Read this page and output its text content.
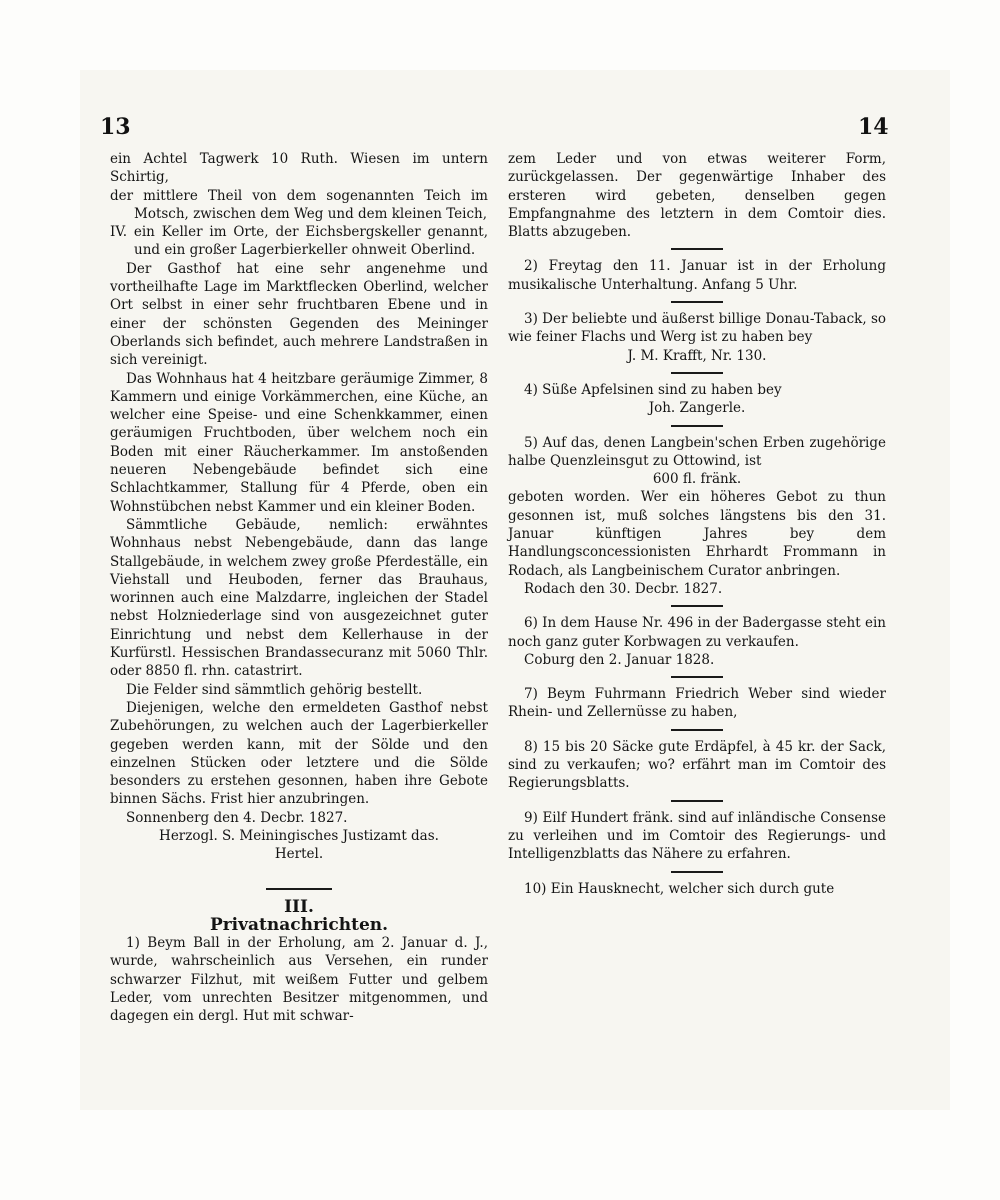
13	14

ein Achtel Tagwerk 10 Ruth. Wiesen im untern Schirtig,

der mittlere Theil von dem sogenannten Teich im Motsch, zwischen dem Weg und dem kleinen Teich,

IV. ein Keller im Orte, der Eichsbergskeller genannt, und ein großer Lagerbierkeller ohnweit Oberlind.

Der Gasthof hat eine sehr angenehme und vortheilhafte Lage im Marktflecken Oberlind, welcher Ort selbst in einer sehr fruchtbaren Ebene und in einer der schönsten Gegenden des Meininger Oberlands sich befindet, auch mehrere Landstraßen in sich vereinigt.

Das Wohnhaus hat 4 heitzbare geräumige Zimmer, 8 Kammern und einige Vorkämmerchen, eine Küche, an welcher eine Speise- und eine Schenkkammer, einen geräumigen Fruchtboden, über welchem noch ein Boden mit einer Räucherkammer. Im anstoßenden neueren Nebengebäude befindet sich eine Schlachtkammer, Stallung für 4 Pferde, oben ein Wohnstübchen nebst Kammer und ein kleiner Boden.

Sämmtliche Gebäude, nemlich: erwähntes Wohnhaus nebst Nebengebäude, dann das lange Stallgebäude, in welchem zwey große Pferdeställe, ein Viehstall und Heuboden, ferner das Brauhaus, worinnen auch eine Malzdarre, ingleichen der Stadel nebst Holzniederlage sind von ausgezeichnet guter Einrichtung und nebst dem Kellerhause in der Kurfürstl. Hessischen Brandassecuranz mit 5060 Thlr. oder 8850 fl. rhn. catastrirt.

Die Felder sind sämmtlich gehörig bestellt.

Diejenigen, welche den ermeldeten Gasthof nebst Zubehörungen, zu welchen auch der Lagerbierkeller gegeben werden kann, mit der Sölde und den einzelnen Stücken oder letztere und die Sölde besonders zu erstehen gesonnen, haben ihre Gebote binnen Sächs. Frist hier anzubringen.

Sonnenberg den 4. Decbr. 1827.

Herzogl. S. Meiningisches Justizamt das.

Hertel.

III.

Privatnachrichten.

1) Beym Ball in der Erholung, am 2. Januar d. J., wurde, wahrscheinlich aus Versehen, ein runder schwarzer Filzhut, mit weißem Futter und gelbem Leder, vom unrechten Besitzer mitgenommen, und dagegen ein dergl. Hut mit schwar-

zem Leder und von etwas weiterer Form, zurückgelassen. Der gegenwärtige Inhaber des ersteren wird gebeten, denselben gegen Empfangnahme des letztern in dem Comtoir dies. Blatts abzugeben.

2) Freytag den 11. Januar ist in der Erholung musikalische Unterhaltung. Anfang 5 Uhr.

3) Der beliebte und äußerst billige Donau-Taback, so wie feiner Flachs und Werg ist zu haben bey

J. M. Krafft, Nr. 130.

4) Süße Apfelsinen sind zu haben bey

Joh. Zangerle.

5) Auf das, denen Langbein'schen Erben zugehörige halbe Quenzleinsgut zu Ottowind, ist

600 fl. fränk.

geboten worden. Wer ein höheres Gebot zu thun gesonnen ist, muß solches längstens bis den 31. Januar künftigen Jahres bey dem Handlungsconcessionisten Ehrhardt Frommann in Rodach, als Langbeinischem Curator anbringen.

Rodach den 30. Decbr. 1827.

6) In dem Hause Nr. 496 in der Badergasse steht ein noch ganz guter Korbwagen zu verkaufen.

Coburg den 2. Januar 1828.

7) Beym Fuhrmann Friedrich Weber sind wieder Rhein- und Zellernüsse zu haben,

8) 15 bis 20 Säcke gute Erdäpfel, à 45 kr. der Sack, sind zu verkaufen; wo? erfährt man im Comtoir des Regierungsblatts.

9) Eilf Hundert fränk. sind auf inländische Consense zu verleihen und im Comtoir des Regierungs- und Intelligenzblatts das Nähere zu erfahren.

10) Ein Hausknecht, welcher sich durch gute
